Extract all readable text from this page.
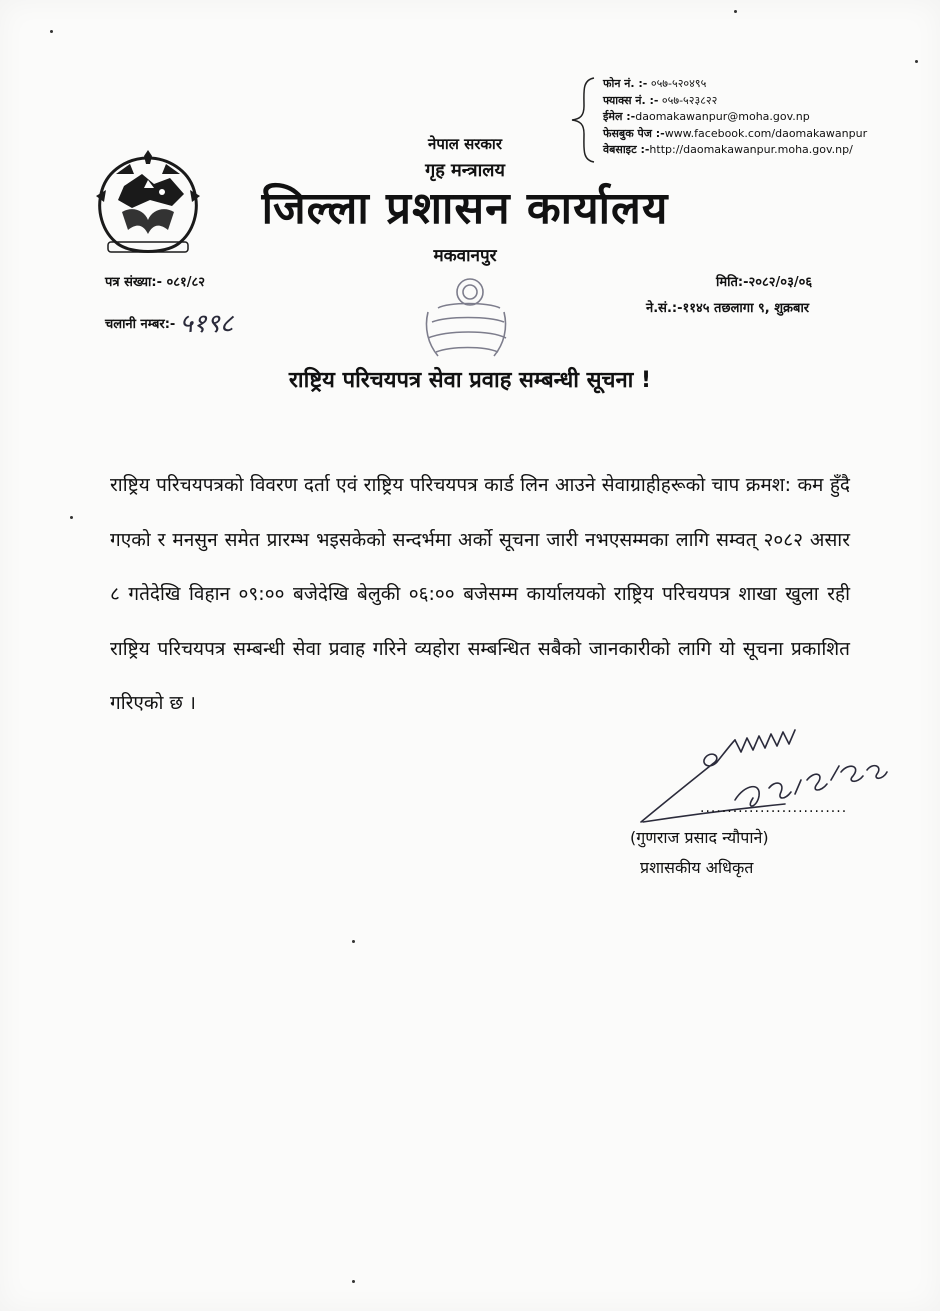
फोन नं. :- ०५७-५२०४९५
फ्याक्स नं. :- ०५७-५२३८२२
ईमेल :-daomakawanpur@moha.gov.np
फेसबुक पेज :-www.facebook.com/daomakawanpur
वेबसाइट :-http://daomakawanpur.moha.gov.np/
नेपाल सरकार
गृह मन्त्रालय
जिल्ला प्रशासन कार्यालय
मकवानपुर
पत्र संख्या:- ०८१/८२
चलानी नम्बर:- ५१९८
मिति:-२०८२/०३/०६
ने.सं.:-११४५ तछलागा ९, शुक्रबार
राष्ट्रिय परिचयपत्र सेवा प्रवाह सम्बन्धी सूचना !
राष्ट्रिय परिचयपत्रको विवरण दर्ता एवं राष्ट्रिय परिचयपत्र कार्ड लिन आउने सेवाग्राहीहरूको चाप क्रमश: कम हुँदै गएको र मनसुन समेत प्रारम्भ भइसकेको सन्दर्भमा अर्को सूचना जारी नभएसम्मका लागि सम्वत् २०८२ असार ८ गतेदेखि विहान ०९:०० बजेदेखि बेलुकी ०६:०० बजेसम्म कार्यालयको राष्ट्रिय परिचयपत्र शाखा खुला रही राष्ट्रिय परिचयपत्र सम्बन्धी सेवा प्रवाह गरिने व्यहोरा सम्बन्धित सबैको जानकारीको लागि यो सूचना प्रकाशित गरिएको छ ।
...........................
(गुणराज प्रसाद न्यौपाने)
प्रशासकीय अधिकृत
